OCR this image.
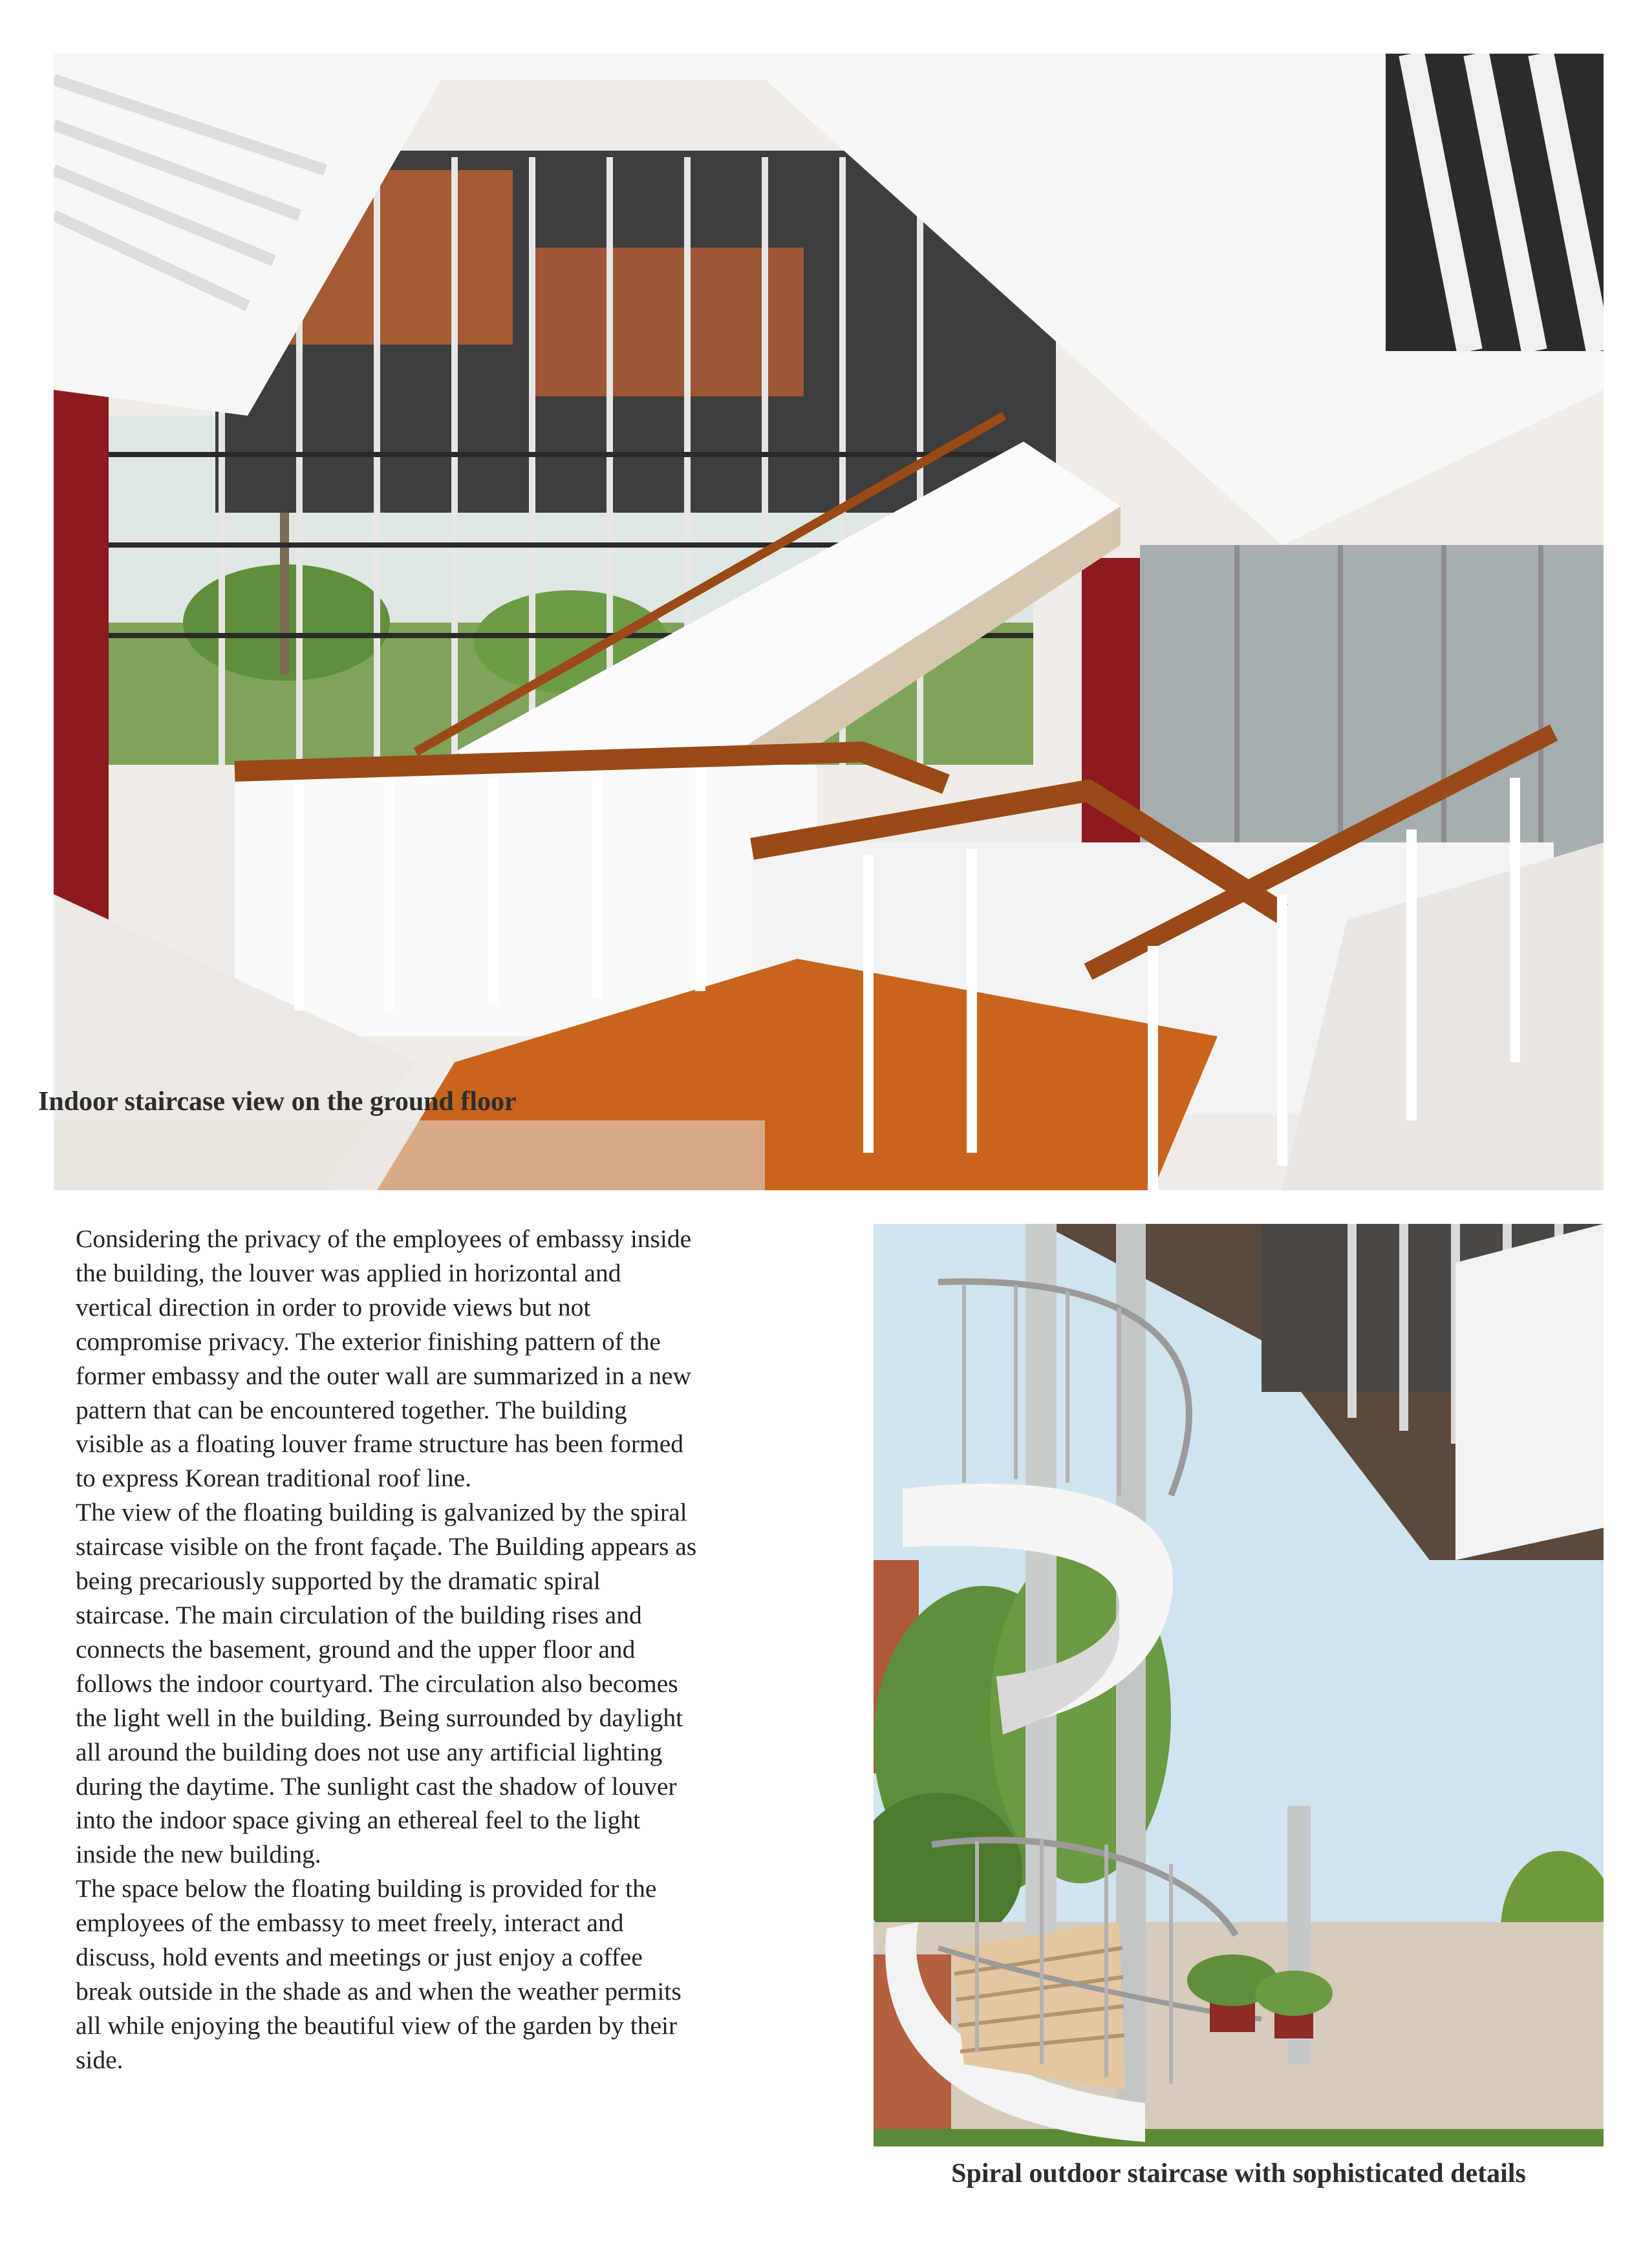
Indoor staircase view on the ground floor

Considering the privacy of the employees of embassy inside
the building, the louver was applied in horizontal and
vertical direction in order to provide views but not
compromise privacy. The exterior finishing pattern of the
former embassy and the outer wall are summarized in a new
pattern that can be encountered together. The building
visible as a floating louver frame structure has been formed
to express Korean traditional roof line.

The view of the floating building is galvanized by the spiral
staircase visible on the front façade. The Building appears as
being precariously supported by the dramatic spiral
staircase. The main circulation of the building rises and
connects the basement, ground and the upper floor and
follows the indoor courtyard. The circulation also becomes
the light well in the building. Being surrounded by daylight
all around the building does not use any artificial lighting
during the daytime. The sunlight cast the shadow of louver
into the indoor space giving an ethereal feel to the light
inside the new building.

The space below the floating building is provided for the
employees of the embassy to meet freely, interact and
discuss, hold events and meetings or just enjoy a coffee
break outside in the shade as and when the weather permits
all while enjoying the beautiful view of the garden by their
side.

Spiral outdoor staircase with sophisticated details
